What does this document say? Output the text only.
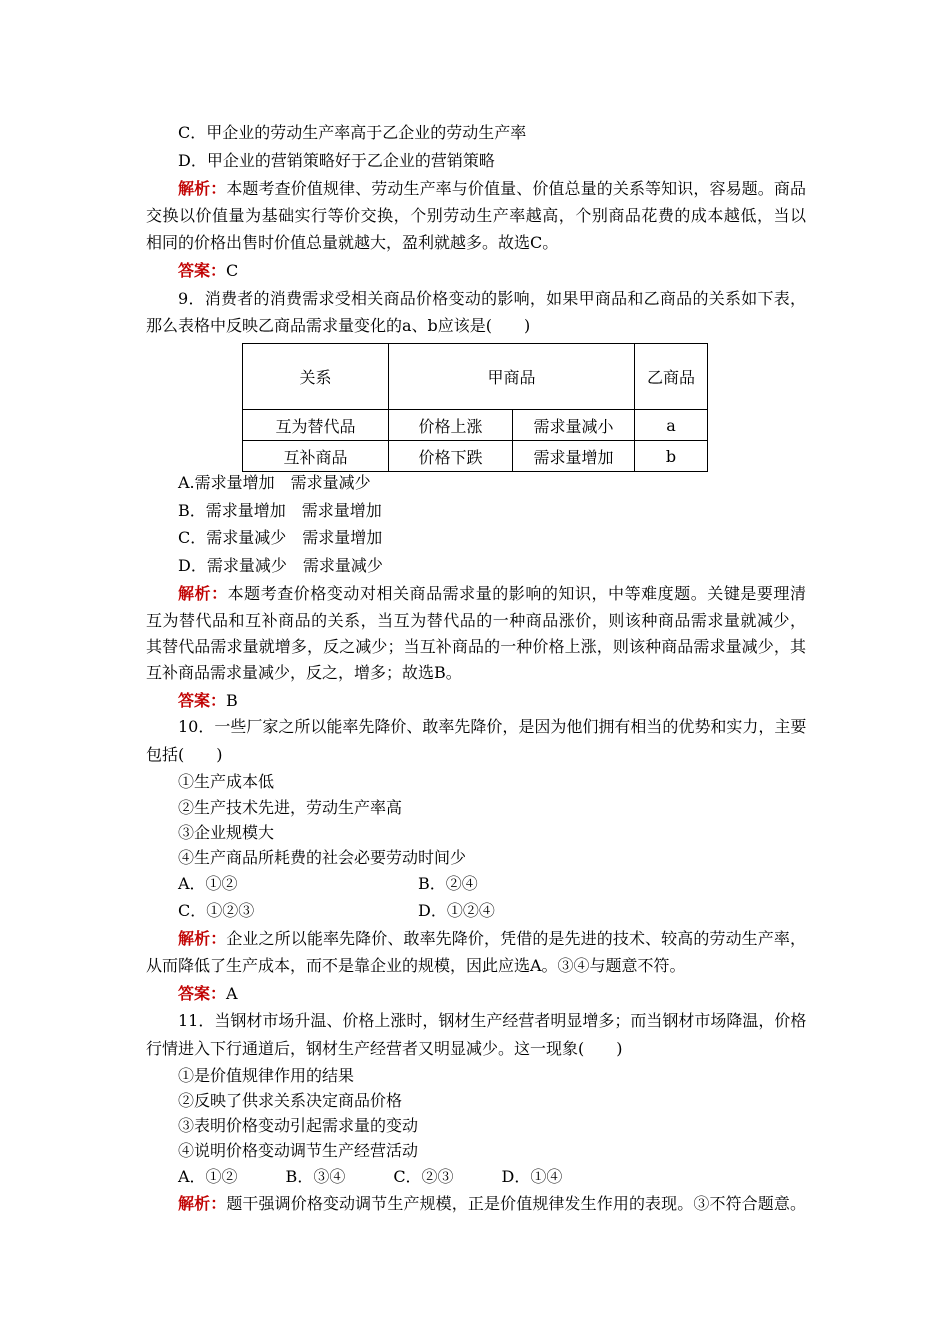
C．甲企业的劳动生产率高于乙企业的劳动生产率
D．甲企业的营销策略好于乙企业的营销策略
解析：本题考查价值规律、劳动生产率与价值量、价值总量的关系等知识，容易题。商品
交换以价值量为基础实行等价交换，个别劳动生产率越高，个别商品花费的成本越低，当以
相同的价格出售时价值总量就越大，盈利就越多。故选C。
答案：C
9．消费者的消费需求受相关商品价格变动的影响，如果甲商品和乙商品的关系如下表，
那么表格中反映乙商品需求量变化的a、b应该是(　　)
关系	甲商品		乙商品
互为替代品	价格上涨	需求量减小	a
互补商品	价格下跌	需求量增加	b
A.需求量增加　需求量减少
B．需求量增加　需求量增加
C．需求量减少　需求量增加
D．需求量减少　需求量减少
解析：本题考查价格变动对相关商品需求量的影响的知识，中等难度题。关键是要理清
互为替代品和互补商品的关系，当互为替代品的一种商品涨价，则该种商品需求量就减少，
其替代品需求量就增多，反之减少；当互补商品的一种价格上涨，则该种商品需求量减少，其
互补商品需求量减少，反之，增多；故选B。
答案：B
10．一些厂家之所以能率先降价、敢率先降价，是因为他们拥有相当的优势和实力，主要
包括(　　)
①生产成本低
②生产技术先进，劳动生产率高
③企业规模大
④生产商品所耗费的社会必要劳动时间少
A．①②	B．②④
C．①②③	D．①②④
解析：企业之所以能率先降价、敢率先降价，凭借的是先进的技术、较高的劳动生产率，
从而降低了生产成本，而不是靠企业的规模，因此应选A。③④与题意不符。
答案：A
11．当钢材市场升温、价格上涨时，钢材生产经营者明显增多；而当钢材市场降温，价格
行情进入下行通道后，钢材生产经营者又明显减少。这一现象(　　)
①是价值规律作用的结果
②反映了供求关系决定商品价格
③表明价格变动引起需求量的变动
④说明价格变动调节生产经营活动
A．①②　　　B．③④　　　C．②③　　　D．①④
解析：题干强调价格变动调节生产规模，正是价值规律发生作用的表现。③不符合题意。
